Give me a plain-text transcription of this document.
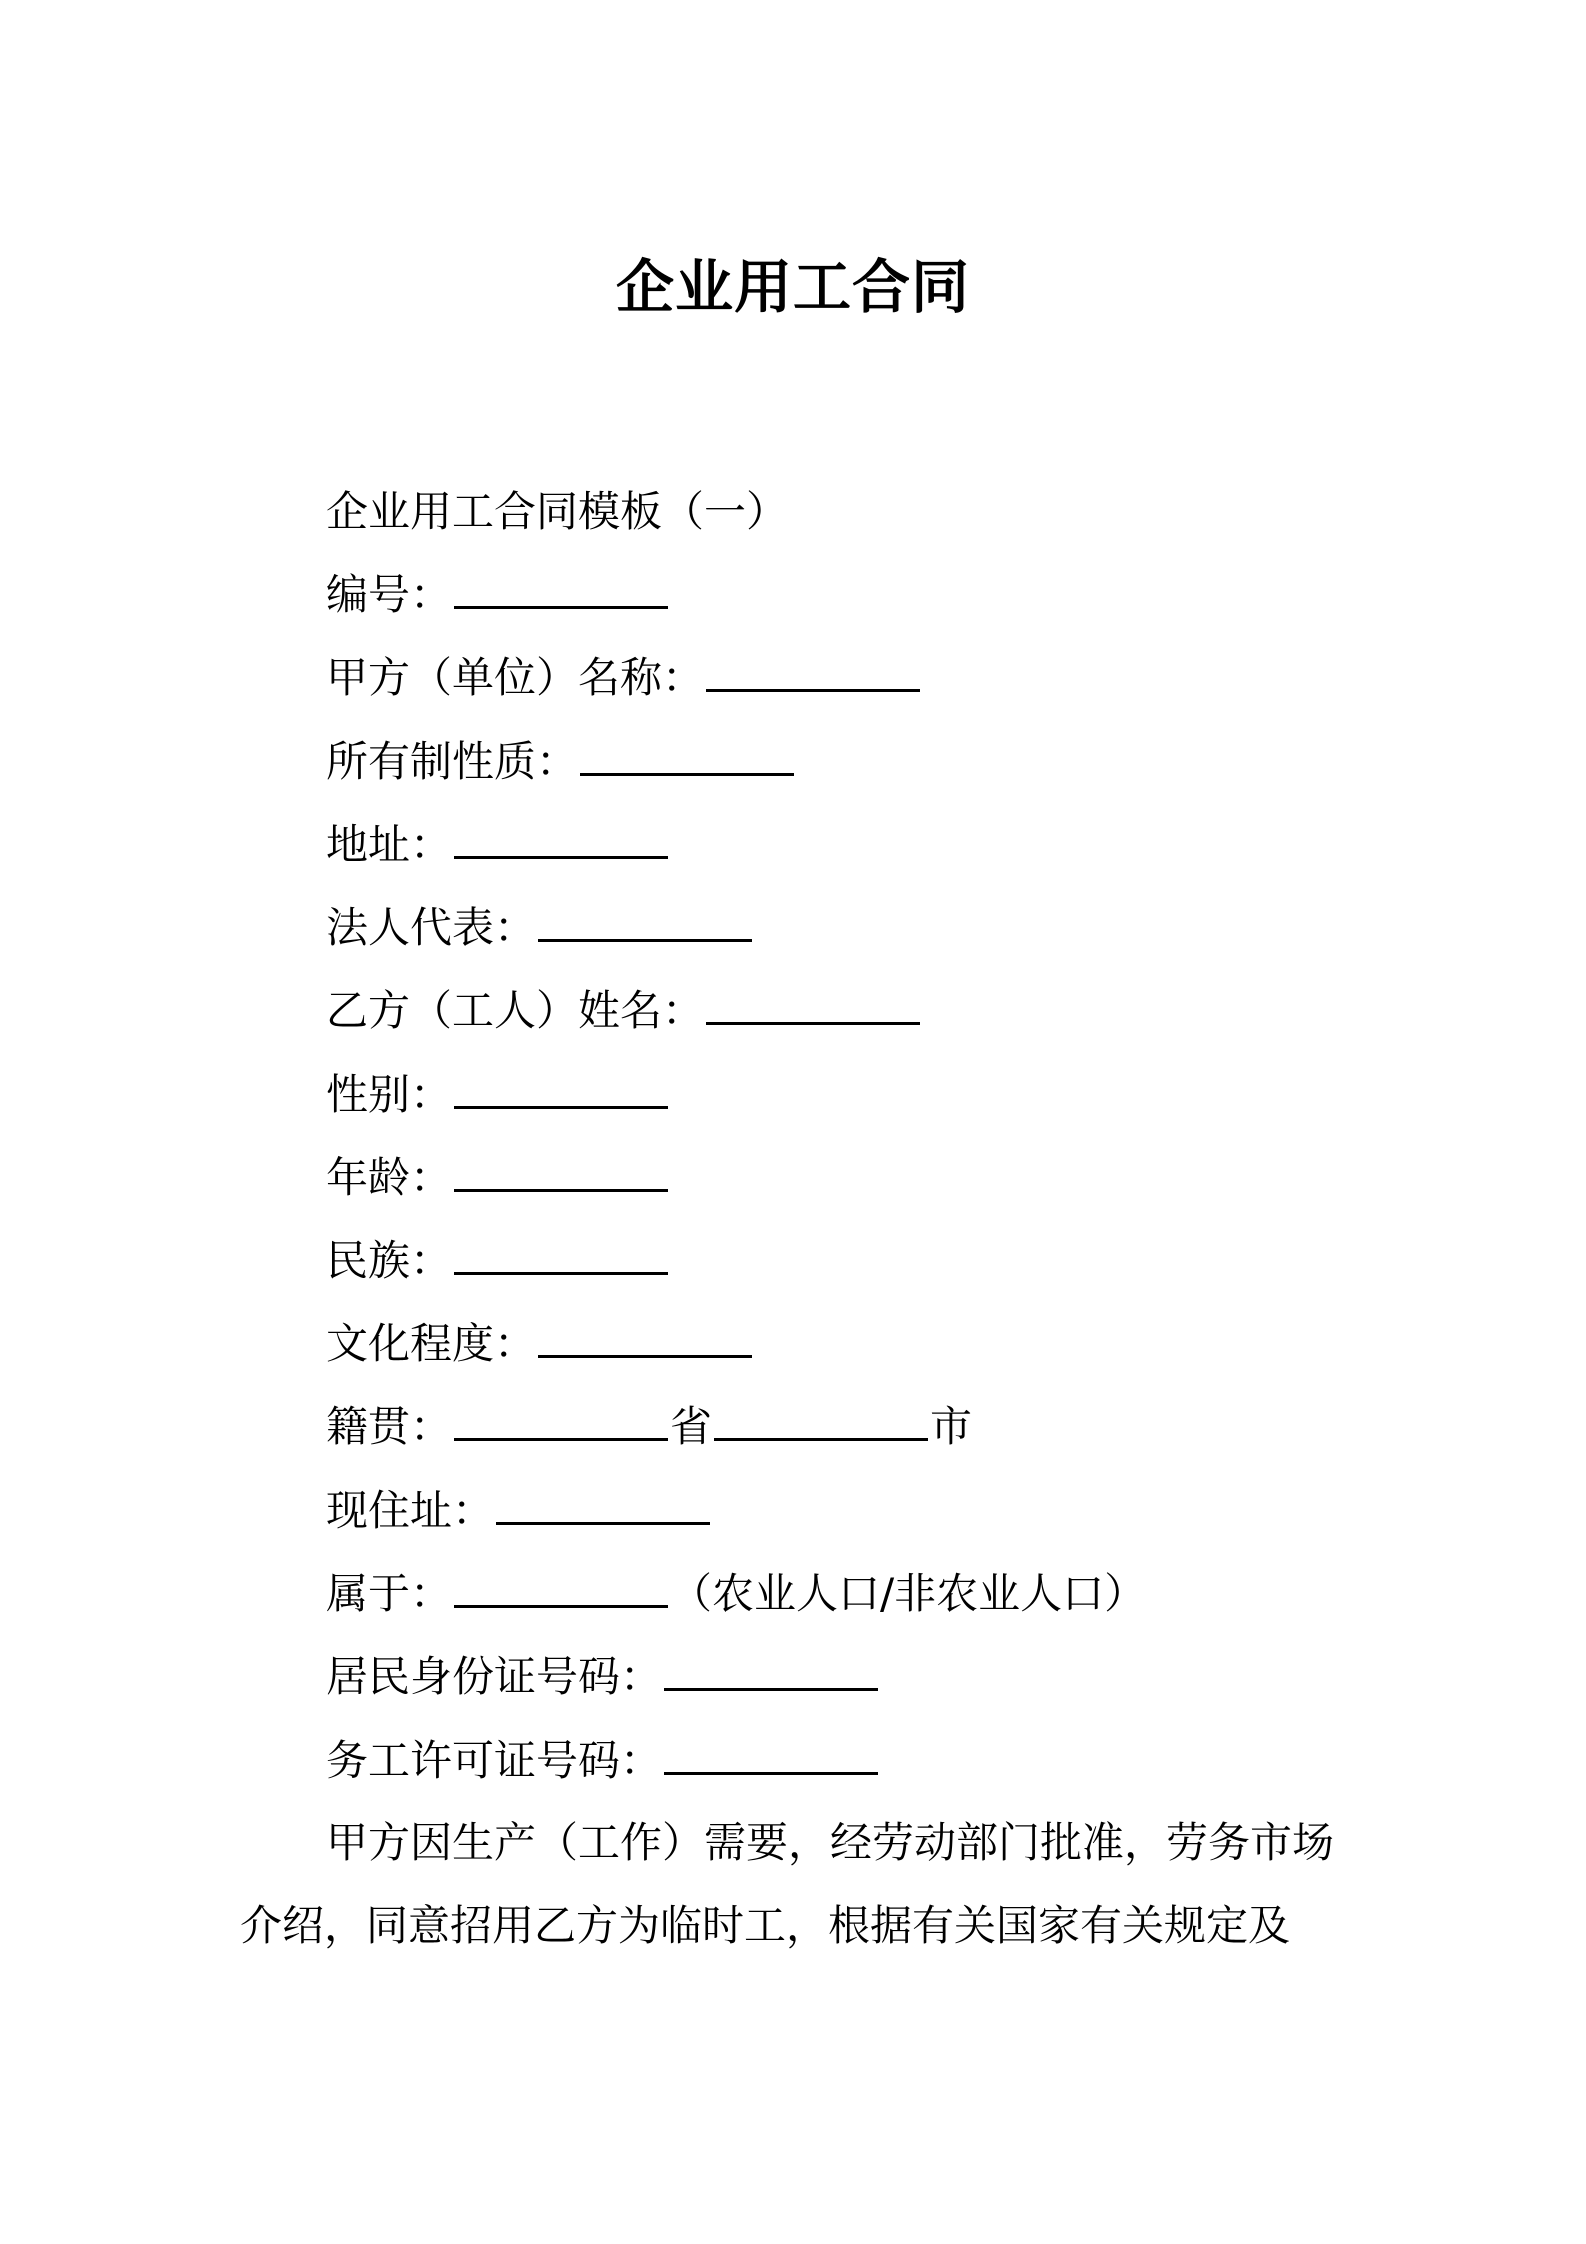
企业用工合同
企业用工合同模板（一）
编号：
甲方（单位）名称：
所有制性质：
地址：
法人代表：
乙方（工人）姓名：
性别：
年龄：
民族：
文化程度：
籍贯：	省	市
现住址：
属于：	（农业人口/非农业人口）
居民身份证号码：
务工许可证号码：
甲方因生产（工作）需要，经劳动部门批准，劳务市场
介绍，同意招用乙方为临时工，根据有关国家有关规定及
